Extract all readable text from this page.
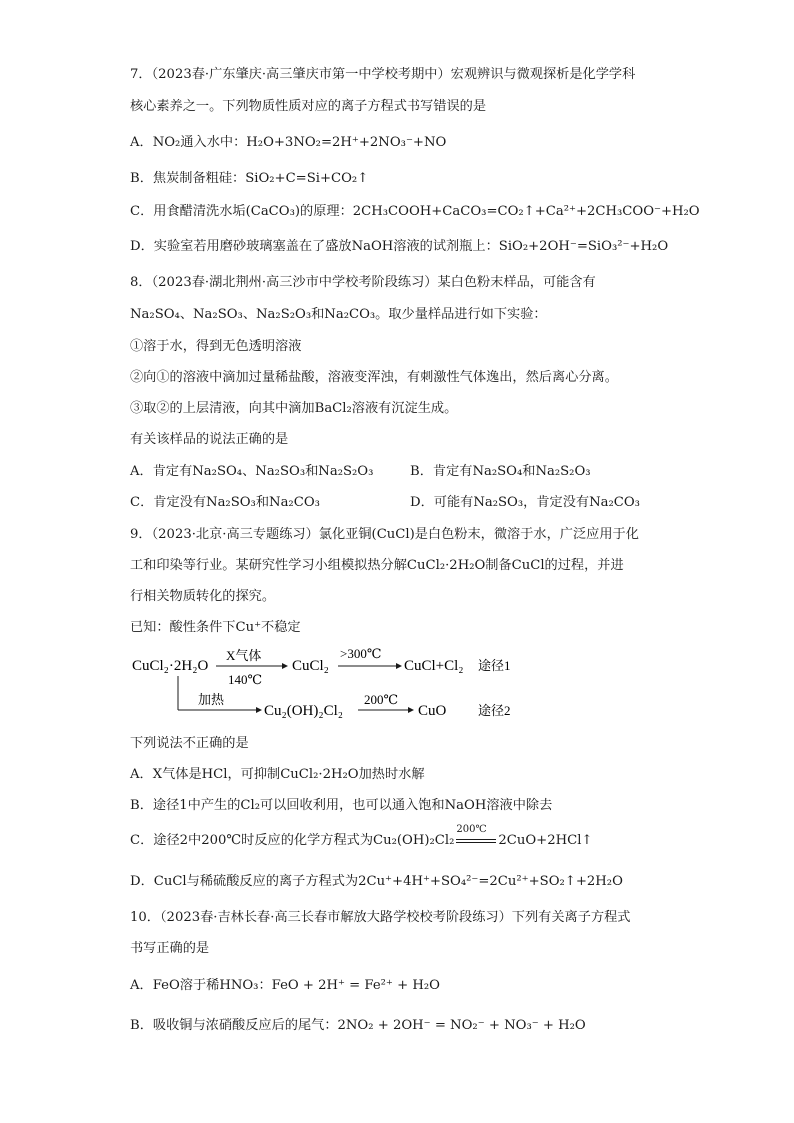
7．（2023春·广东肇庆·高三肇庆市第一中学校考期中）宏观辨识与微观探析是化学学科
核心素养之一。下列物质性质对应的离子方程式书写错误的是
A．NO₂通入水中：H₂O+3NO₂=2H⁺+2NO₃⁻+NO
B．焦炭制备粗硅：SiO₂+C=Si+CO₂↑
C．用食醋清洗水垢(CaCO₃)的原理：2CH₃COOH+CaCO₃=CO₂↑+Ca²⁺+2CH₃COO⁻+H₂O
D．实验室若用磨砂玻璃塞盖在了盛放NaOH溶液的试剂瓶上：SiO₂+2OH⁻=SiO₃²⁻+H₂O
8．（2023春·湖北荆州·高三沙市中学校考阶段练习）某白色粉末样品，可能含有
Na₂SO₄、Na₂SO₃、Na₂S₂O₃和Na₂CO₃。取少量样品进行如下实验：
①溶于水，得到无色透明溶液
②向①的溶液中滴加过量稀盐酸，溶液变浑浊，有刺激性气体逸出，然后离心分离。
③取②的上层清液，向其中滴加BaCl₂溶液有沉淀生成。
有关该样品的说法正确的是
A．肯定有Na₂SO₄、Na₂SO₃和Na₂S₂O₃	B．肯定有Na₂SO₄和Na₂S₂O₃
C．肯定没有Na₂SO₃和Na₂CO₃	D．可能有Na₂SO₃，肯定没有Na₂CO₃
9．（2023·北京·高三专题练习）氯化亚铜(CuCl)是白色粉末，微溶于水，广泛应用于化
工和印染等行业。某研究性学习小组模拟热分解CuCl₂·2H₂O制备CuCl的过程，并进
行相关物质转化的探究。
已知：酸性条件下Cu⁺不稳定
CuCl₂·2H₂O
X气体
140℃
CuCl₂
>300℃
CuCl+Cl₂ 途径1
加热
Cu₂(OH)₂Cl₂
200℃
CuO 途径2
下列说法不正确的是
A．X气体是HCl，可抑制CuCl₂·2H₂O加热时水解
B．途径1中产生的Cl₂可以回收利用，也可以通入饱和NaOH溶液中除去
C．途径2中200℃时反应的化学方程式为Cu₂(OH)₂Cl₂
200℃
2CuO+2HCl↑
D．CuCl与稀硫酸反应的离子方程式为2Cu⁺+4H⁺+SO₄²⁻=2Cu²⁺+SO₂↑+2H₂O
10．（2023春·吉林长春·高三长春市解放大路学校校考阶段练习）下列有关离子方程式
书写正确的是
A．FeO溶于稀HNO₃：FeO + 2H⁺ = Fe²⁺ + H₂O
B．吸收铜与浓硝酸反应后的尾气：2NO₂ + 2OH⁻ = NO₂⁻ + NO₃⁻ + H₂O
